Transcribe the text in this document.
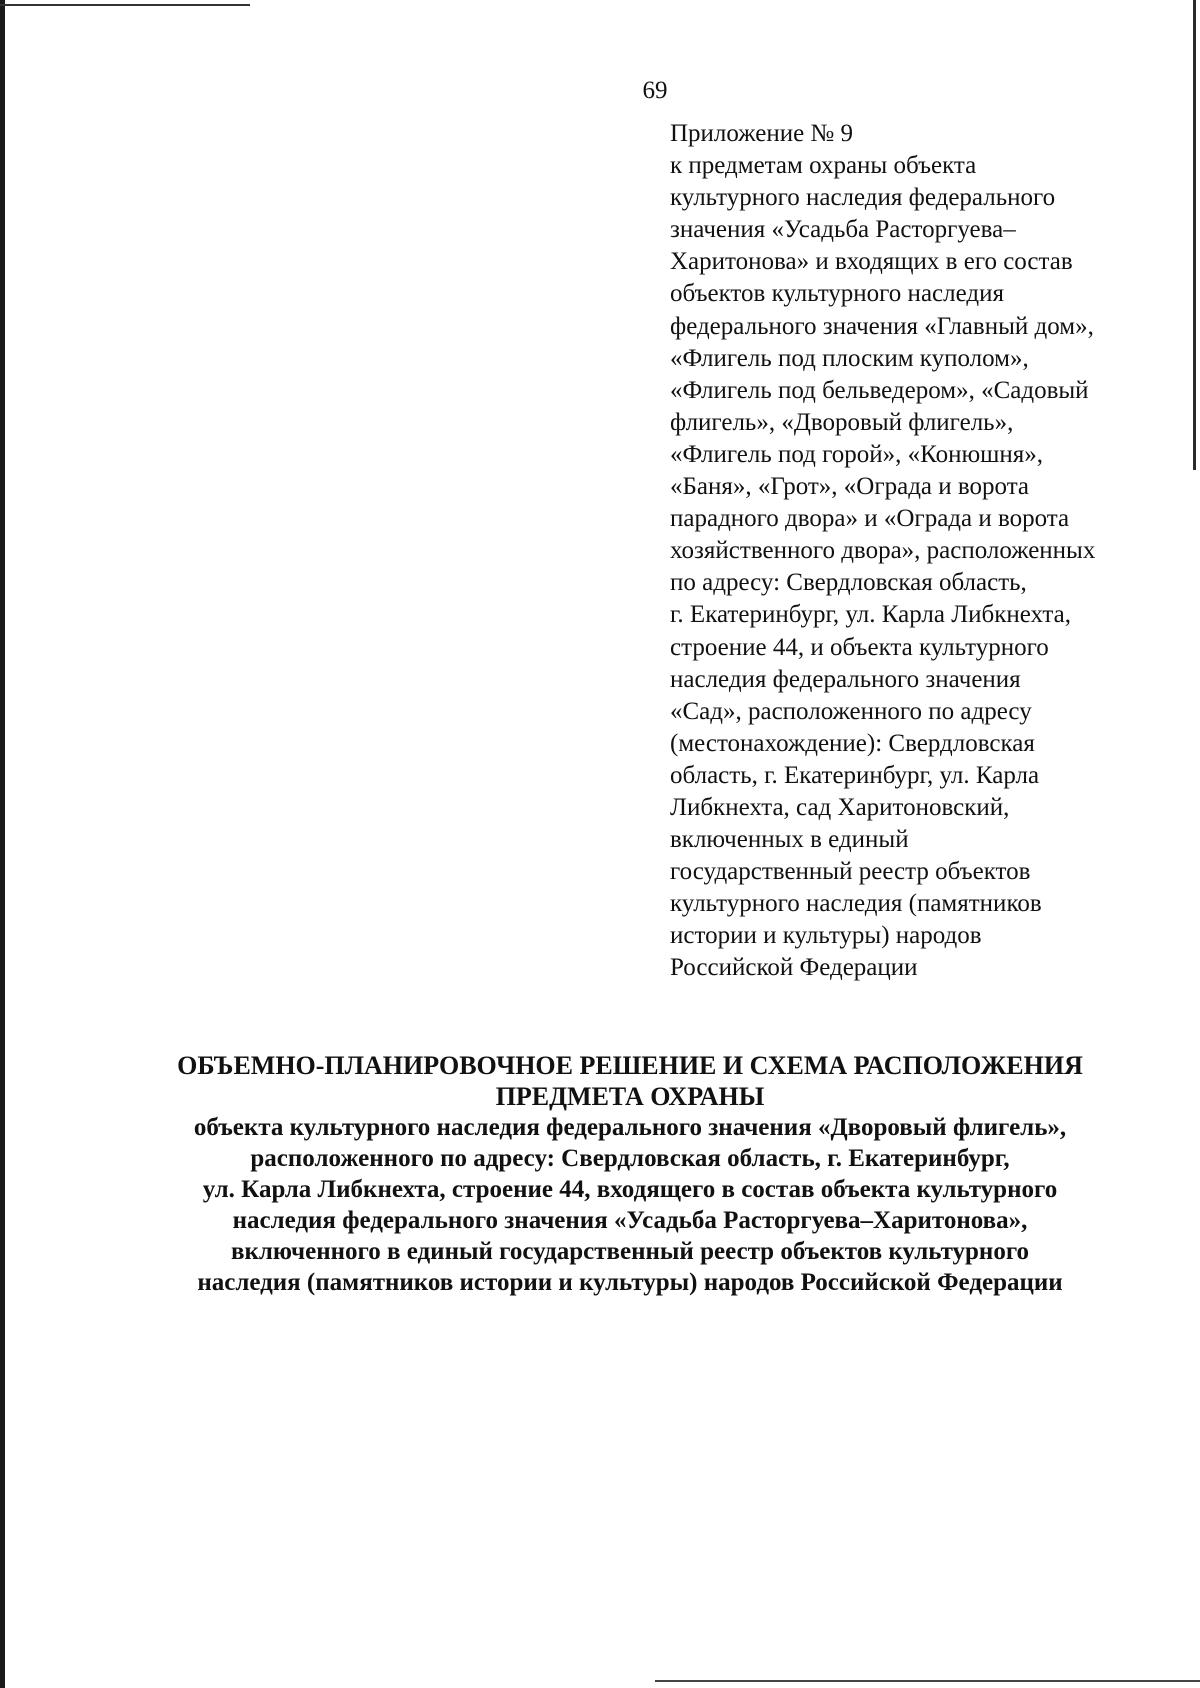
69
Приложение № 9
к предметам охраны объекта
культурного наследия федерального
значения «Усадьба Расторгуева–
Харитонова» и входящих в его состав
объектов культурного наследия
федерального значения «Главный дом»,
«Флигель под плоским куполом»,
«Флигель под бельведером», «Садовый
флигель», «Дворовый флигель»,
«Флигель под горой», «Конюшня»,
«Баня», «Грот», «Ограда и ворота
парадного двора» и «Ограда и ворота
хозяйственного двора», расположенных
по адресу: Свердловская область,
г. Екатеринбург, ул. Карла Либкнехта,
строение 44, и объекта культурного
наследия федерального значения
«Сад», расположенного по адресу
(местонахождение): Свердловская
область, г. Екатеринбург, ул. Карла
Либкнехта, сад Харитоновский,
включенных в единый
государственный реестр объектов
культурного наследия (памятников
истории и культуры) народов
Российской Федерации
ОБЪЕМНО-ПЛАНИРОВОЧНОЕ РЕШЕНИЕ И СХЕМА РАСПОЛОЖЕНИЯ
ПРЕДМЕТА ОХРАНЫ
объекта культурного наследия федерального значения «Дворовый флигель»,
расположенного по адресу: Свердловская область, г. Екатеринбург,
ул. Карла Либкнехта, строение 44, входящего в состав объекта культурного
наследия федерального значения «Усадьба Расторгуева–Харитонова»,
включенного в единый государственный реестр объектов культурного
наследия (памятников истории и культуры) народов Российской Федерации
